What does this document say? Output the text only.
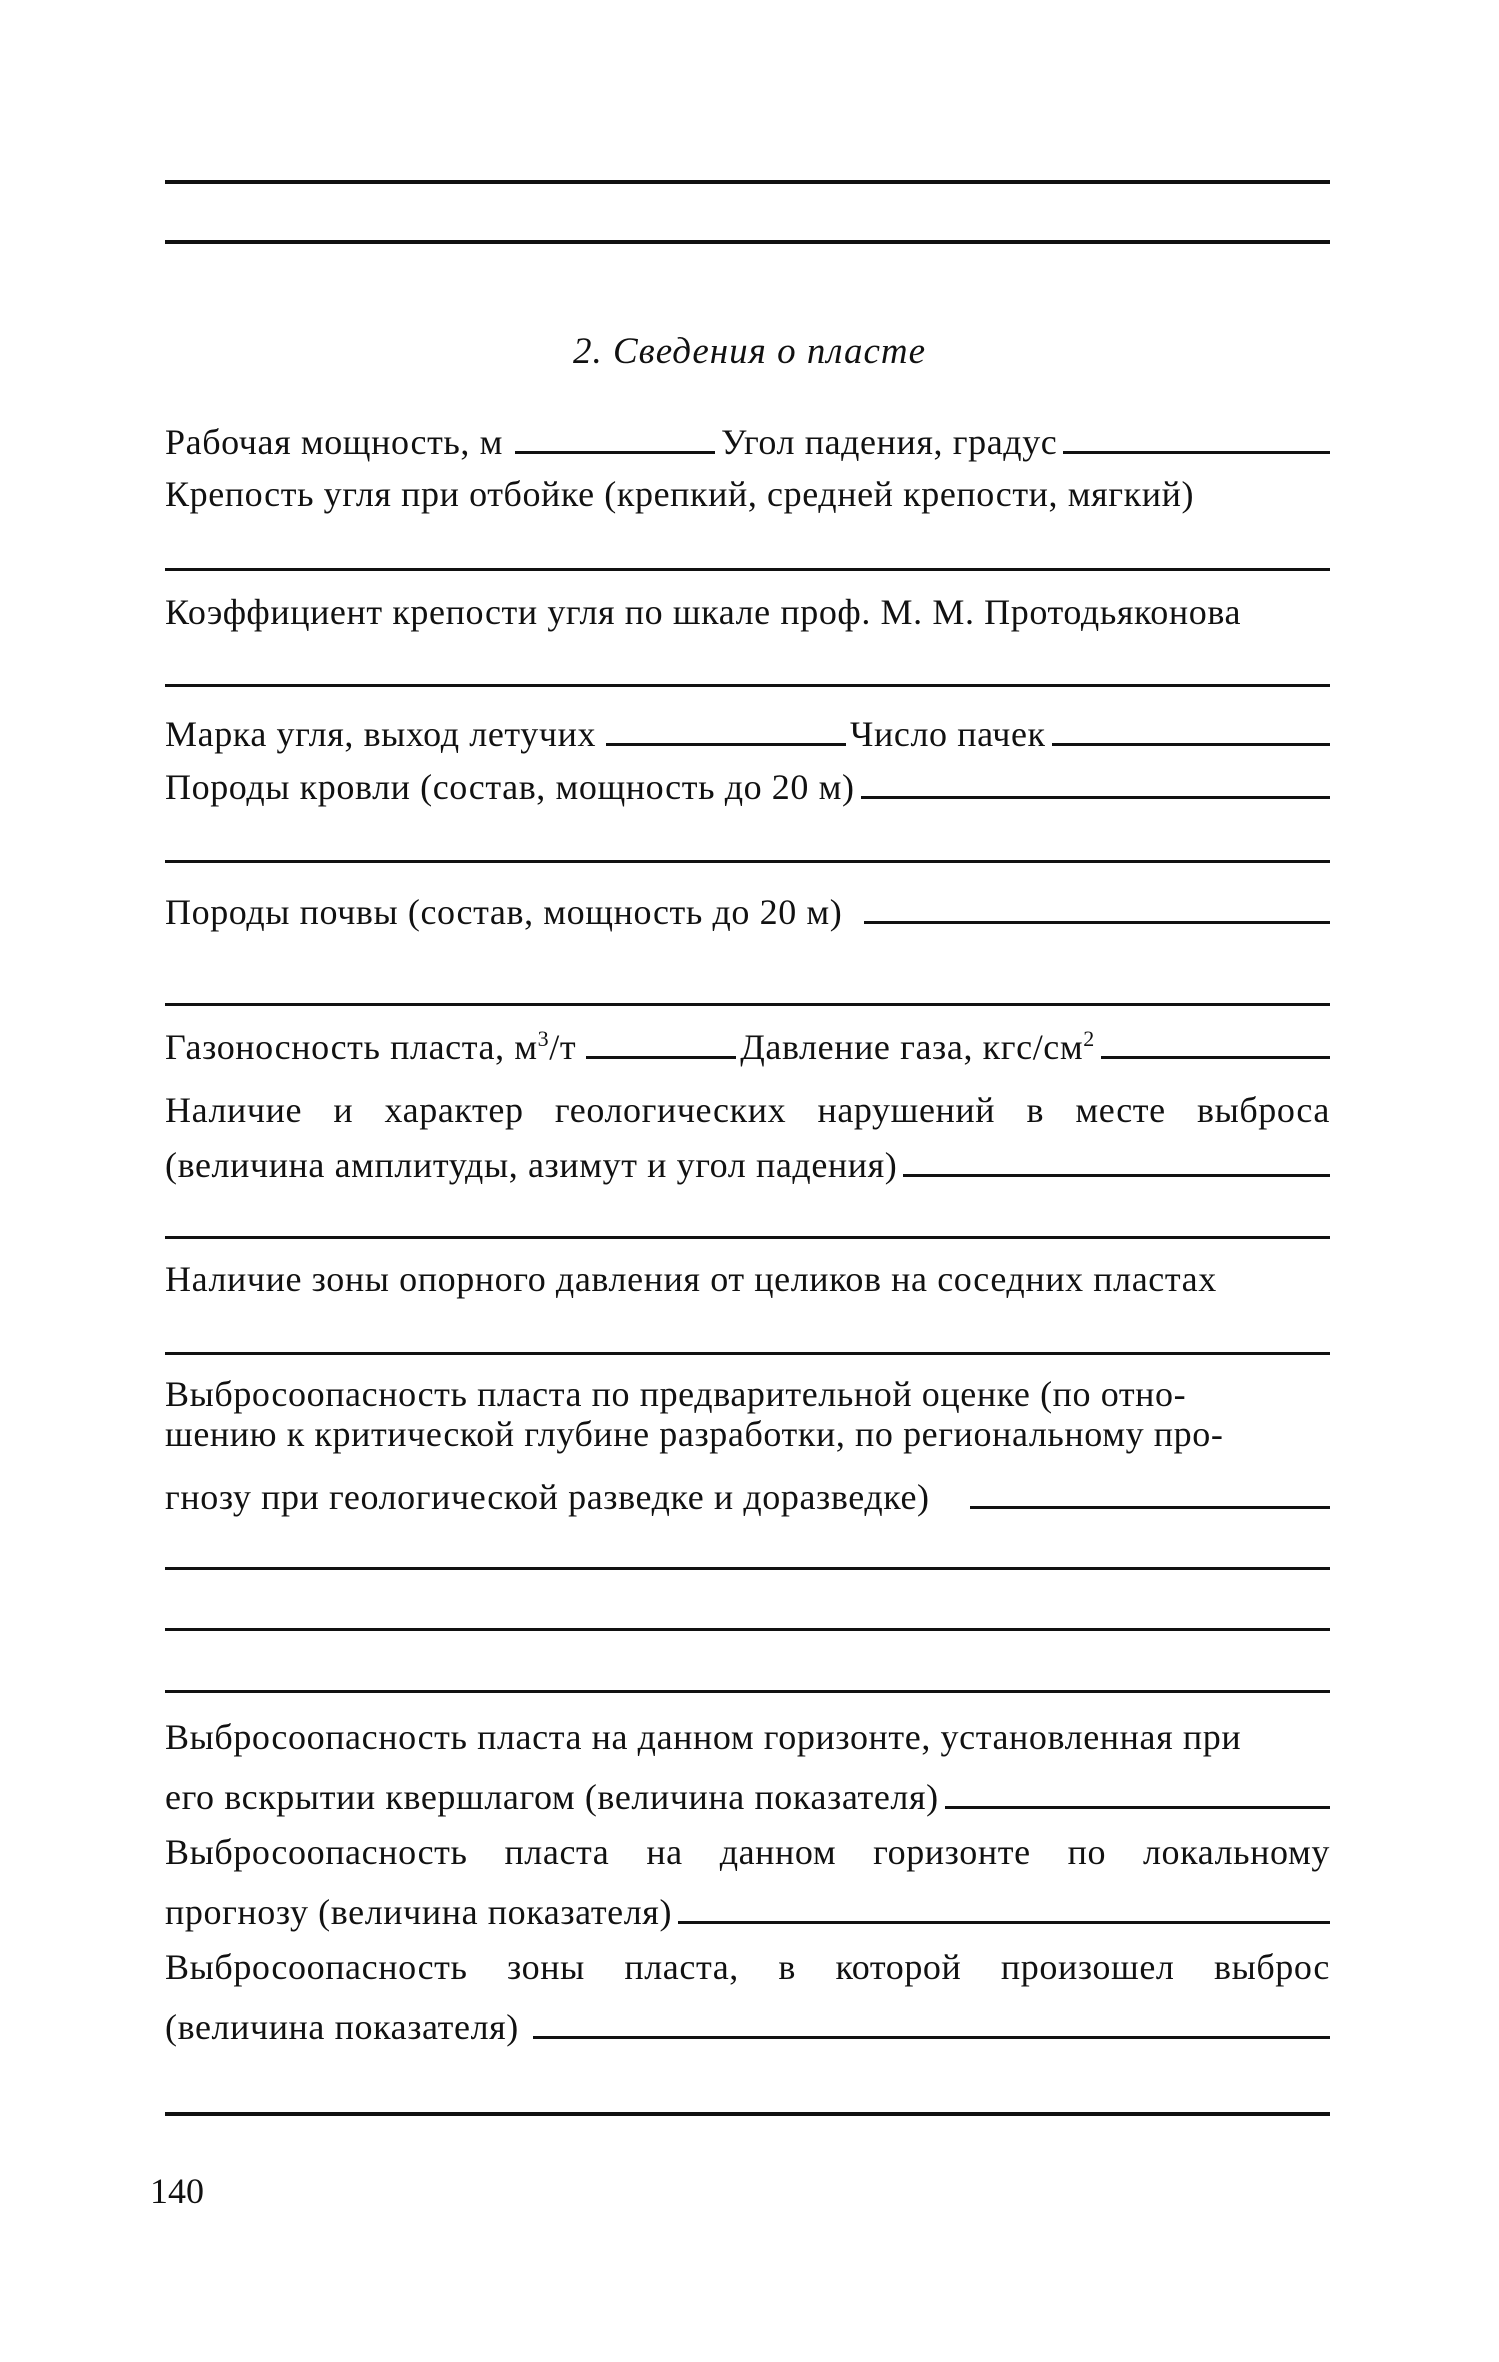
2. Сведения о пласте
Рабочая мощность, м	Угол падения, градус
Крепость угля при отбойке (крепкий, средней крепости, мягкий)
Коэффициент крепости угля по шкале проф. М. М. Протодьяконова
Марка угля, выход летучих	Число пачек
Породы кровли (состав, мощность до 20 м)
Породы почвы (состав, мощность до 20 м)
Газоносность пласта, $м^3/т$	Давление газа, кгс/$см^2$
Наличие и характер геологических нарушений в месте выброса
(величина амплитуды, азимут и угол падения)
Наличие зоны опорного давления от целиков на соседних пластах
Выбросоопасность пласта по предварительной оценке (по отно-
шению к критической глубине разработки, по региональному про-
гнозу при геологической разведке и доразведке)
Выбросоопасность пласта на данном горизонте, установленная при
его вскрытии квершлагом (величина показателя)
Выбросоопасность пласта на данном горизонте по локальному
прогнозу (величина показателя)
Выбросоопасность зоны пласта, в которой произошел выброс
(величина показателя)
140
